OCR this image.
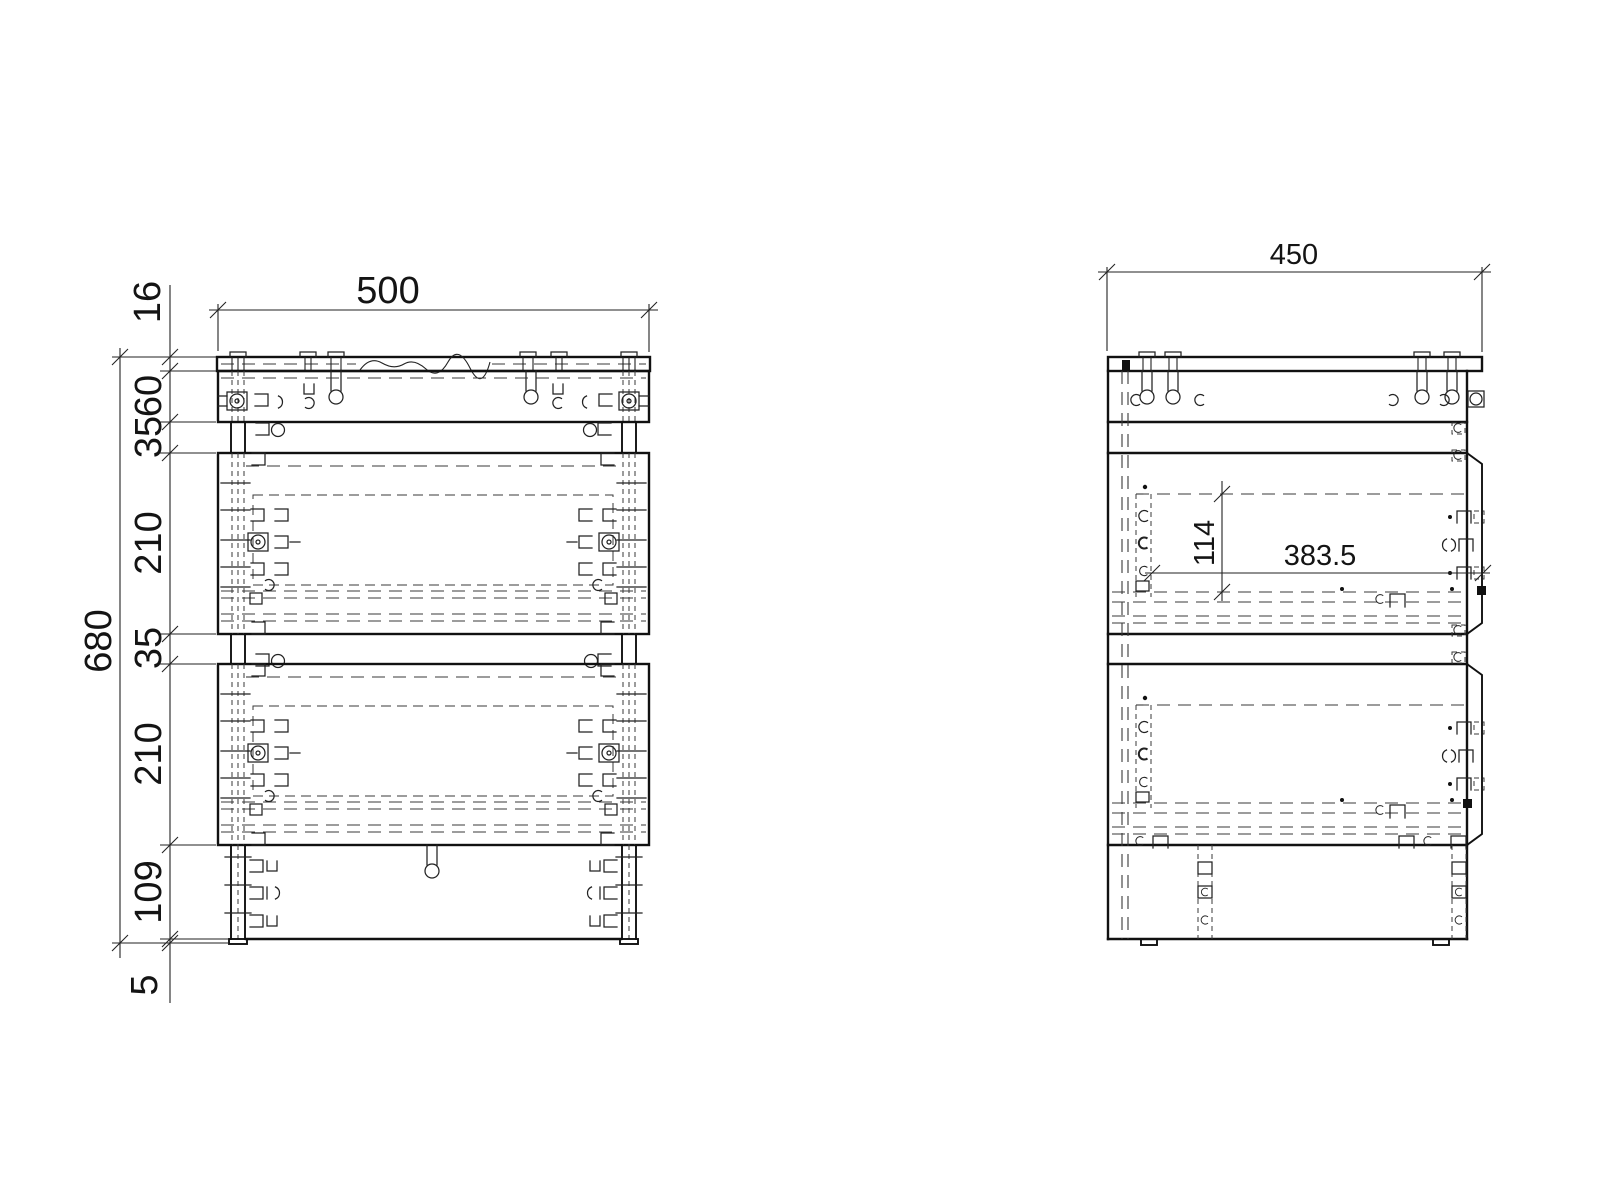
500
16
60
35
210
35
210
109
5
680
450
114 383.5
